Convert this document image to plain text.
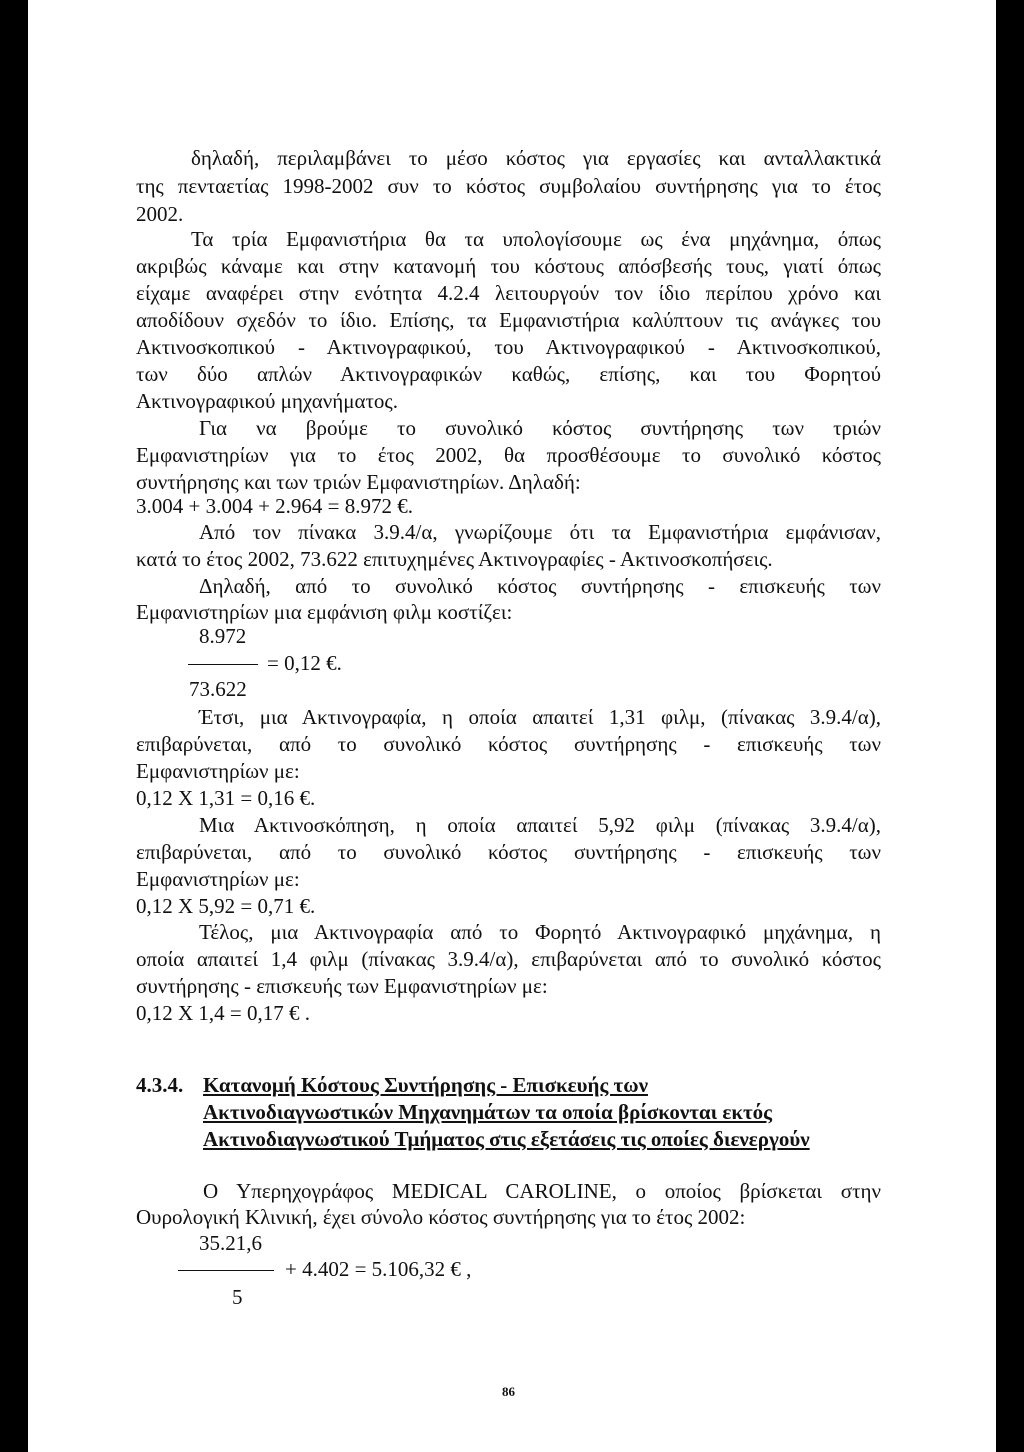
δηλαδή, περιλαμβάνει το μέσο κόστος για εργασίες και ανταλλακτικά
της πενταετίας 1998-2002 συν το κόστος συμβολαίου συντήρησης για το έτος
2002.
Τα τρία Εμφανιστήρια θα τα υπολογίσουμε ως ένα μηχάνημα, όπως
ακριβώς κάναμε και στην κατανομή του κόστους απόσβεσής τους, γιατί όπως
είχαμε αναφέρει στην ενότητα 4.2.4 λειτουργούν τον ίδιο περίπου χρόνο και
αποδίδουν σχεδόν το ίδιο. Επίσης, τα Εμφανιστήρια καλύπτουν τις ανάγκες του
Ακτινοσκοπικού - Ακτινογραφικού, του Ακτινογραφικού - Ακτινοσκοπικού,
των δύο απλών Ακτινογραφικών καθώς, επίσης, και του Φορητού
Ακτινογραφικού μηχανήματος.
Για να βρούμε το συνολικό κόστος συντήρησης των τριών
Εμφανιστηρίων για το έτος 2002, θα προσθέσουμε το συνολικό κόστος
συντήρησης και των τριών Εμφανιστηρίων. Δηλαδή:
3.004 + 3.004 + 2.964 = 8.972 €.
Από τον πίνακα 3.9.4/α, γνωρίζουμε ότι τα Εμφανιστήρια εμφάνισαν,
κατά το έτος 2002, 73.622 επιτυχημένες Ακτινογραφίες - Ακτινοσκοπήσεις.
Δηλαδή, από το συνολικό κόστος συντήρησης - επισκευής των
Εμφανιστηρίων μια εμφάνιση φιλμ κοστίζει:
8.972
= 0,12 €.
73.622
Έτσι, μια Ακτινογραφία, η οποία απαιτεί 1,31 φιλμ, (πίνακας 3.9.4/α),
επιβαρύνεται, από το συνολικό κόστος συντήρησης - επισκευής των
Εμφανιστηρίων με:
0,12 Χ 1,31 = 0,16 €.
Μια Ακτινοσκόπηση, η οποία απαιτεί 5,92 φιλμ (πίνακας 3.9.4/α),
επιβαρύνεται, από το συνολικό κόστος συντήρησης - επισκευής των
Εμφανιστηρίων με:
0,12 Χ 5,92 = 0,71 €.
Τέλος, μια Ακτινογραφία από το Φορητό Ακτινογραφικό μηχάνημα, η
οποία απαιτεί 1,4 φιλμ (πίνακας 3.9.4/α), επιβαρύνεται από το συνολικό κόστος
συντήρησης - επισκευής των Εμφανιστηρίων με:
0,12 Χ 1,4 = 0,17 € .
4.3.4. Κατανομή Κόστους Συντήρησης - Επισκευής των
Ακτινοδιαγνωστικών Μηχανημάτων τα οποία βρίσκονται εκτός
Ακτινοδιαγνωστικού Τμήματος στις εξετάσεις τις οποίες διενεργούν
Ο Υπερηχογράφος MEDICAL CAROLINE, ο οποίος βρίσκεται στην
Ουρολογική Κλινική, έχει σύνολο κόστος συντήρησης για το έτος 2002:
35.21,6
+ 4.402 = 5.106,32 € ,
5
86
